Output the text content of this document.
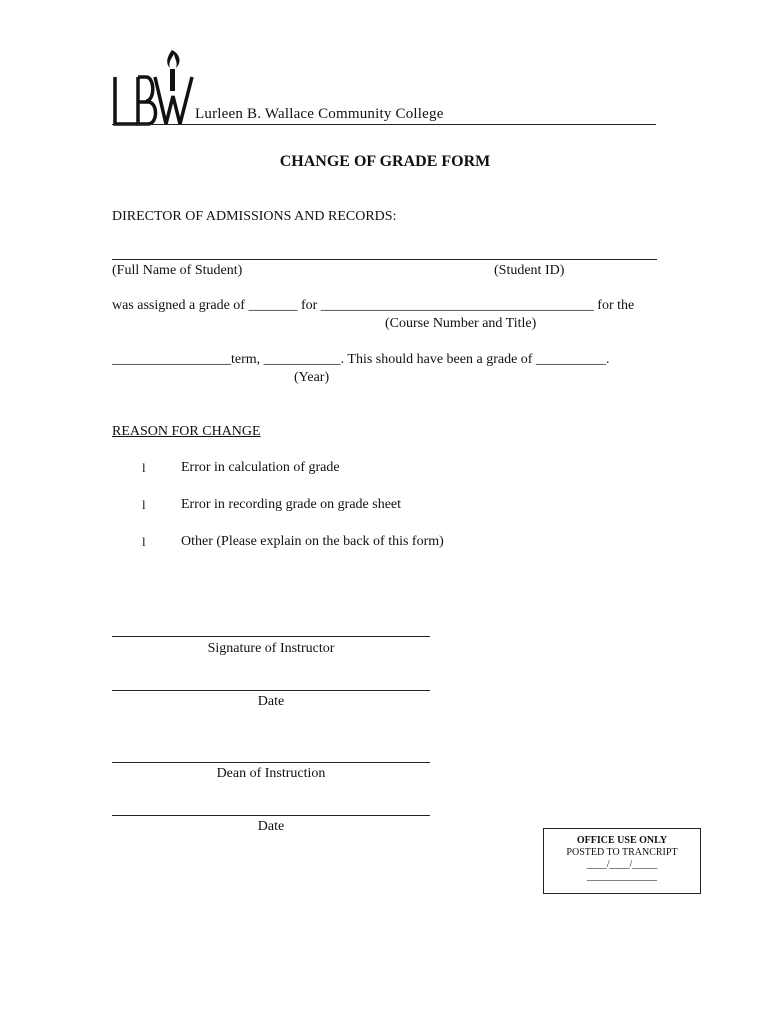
Lurleen B. Wallace Community College
CHANGE OF GRADE FORM
DIRECTOR OF ADMISSIONS AND RECORDS:
(Full Name of Student)	(Student ID)
was assigned a grade of _______ for _______________________________________ for the
(Course Number and Title)
_________________term, ___________. This should have been a grade of __________.
(Year)
REASON FOR CHANGE
l	Error in calculation of grade
l	Error in recording grade on grade sheet
l	Other (Please explain on the back of this form)
Signature of Instructor
Date
Dean of Instruction
Date
OFFICE USE ONLY
POSTED TO TRANCRIPT
____/____/_____
______________
